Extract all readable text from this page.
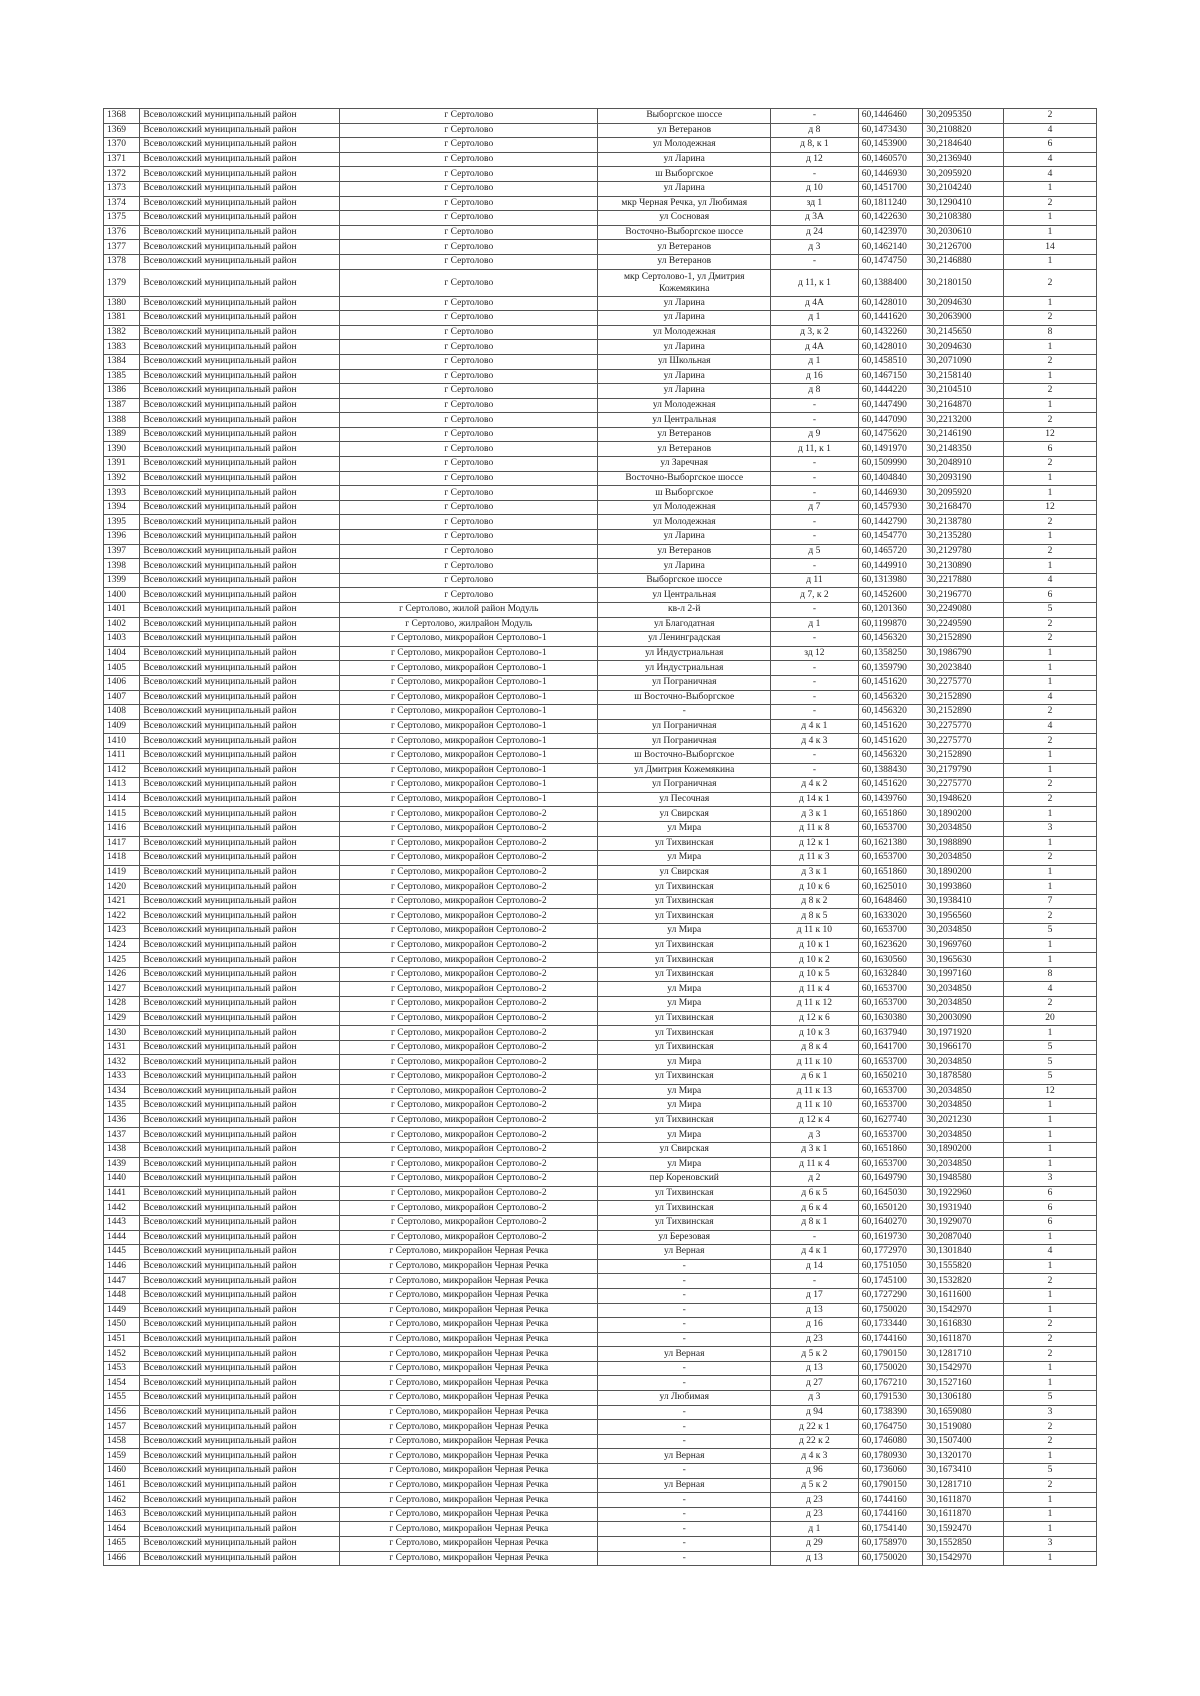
1368	Всеволожский муниципальный район	г Сертолово	Выборгское шоссе	-	60,1446460	30,2095350	2
1369	Всеволожский муниципальный район	г Сертолово	ул Ветеранов	д 8	60,1473430	30,2108820	4
1370	Всеволожский муниципальный район	г Сертолово	ул Молодежная	д 8, к 1	60,1453900	30,2184640	6
1371	Всеволожский муниципальный район	г Сертолово	ул Ларина	д 12	60,1460570	30,2136940	4
1372	Всеволожский муниципальный район	г Сертолово	ш Выборгское	-	60,1446930	30,2095920	4
1373	Всеволожский муниципальный район	г Сертолово	ул Ларина	д 10	60,1451700	30,2104240	1
1374	Всеволожский муниципальный район	г Сертолово	мкр Черная Речка, ул Любимая	зд 1	60,1811240	30,1290410	2
1375	Всеволожский муниципальный район	г Сертолово	ул Сосновая	д 3А	60,1422630	30,2108380	1
1376	Всеволожский муниципальный район	г Сертолово	Восточно-Выборгское шоссе	д 24	60,1423970	30,2030610	1
1377	Всеволожский муниципальный район	г Сертолово	ул Ветеранов	д 3	60,1462140	30,2126700	14
1378	Всеволожский муниципальный район	г Сертолово	ул Ветеранов	-	60,1474750	30,2146880	1
1379	Всеволожский муниципальный район	г Сертолово	мкр Сертолово-1, ул Дмитрия Кожемякина	д 11, к 1	60,1388400	30,2180150	2
1380	Всеволожский муниципальный район	г Сертолово	ул Ларина	д 4А	60,1428010	30,2094630	1
1381	Всеволожский муниципальный район	г Сертолово	ул Ларина	д 1	60,1441620	30,2063900	2
1382	Всеволожский муниципальный район	г Сертолово	ул Молодежная	д 3, к 2	60,1432260	30,2145650	8
1383	Всеволожский муниципальный район	г Сертолово	ул Ларина	д 4А	60,1428010	30,2094630	1
1384	Всеволожский муниципальный район	г Сертолово	ул Школьная	д 1	60,1458510	30,2071090	2
1385	Всеволожский муниципальный район	г Сертолово	ул Ларина	д 16	60,1467150	30,2158140	1
1386	Всеволожский муниципальный район	г Сертолово	ул Ларина	д 8	60,1444220	30,2104510	2
1387	Всеволожский муниципальный район	г Сертолово	ул Молодежная	-	60,1447490	30,2164870	1
1388	Всеволожский муниципальный район	г Сертолово	ул Центральная	-	60,1447090	30,2213200	2
1389	Всеволожский муниципальный район	г Сертолово	ул Ветеранов	д 9	60,1475620	30,2146190	12
1390	Всеволожский муниципальный район	г Сертолово	ул Ветеранов	д 11, к 1	60,1491970	30,2148350	6
1391	Всеволожский муниципальный район	г Сертолово	ул Заречная	-	60,1509990	30,2048910	2
1392	Всеволожский муниципальный район	г Сертолово	Восточно-Выборгское шоссе	-	60,1404840	30,2093190	1
1393	Всеволожский муниципальный район	г Сертолово	ш Выборгское	-	60,1446930	30,2095920	1
1394	Всеволожский муниципальный район	г Сертолово	ул Молодежная	д 7	60,1457930	30,2168470	12
1395	Всеволожский муниципальный район	г Сертолово	ул Молодежная	-	60,1442790	30,2138780	2
1396	Всеволожский муниципальный район	г Сертолово	ул Ларина	-	60,1454770	30,2135280	1
1397	Всеволожский муниципальный район	г Сертолово	ул Ветеранов	д 5	60,1465720	30,2129780	2
1398	Всеволожский муниципальный район	г Сертолово	ул Ларина	-	60,1449910	30,2130890	1
1399	Всеволожский муниципальный район	г Сертолово	Выборгское шоссе	д 11	60,1313980	30,2217880	4
1400	Всеволожский муниципальный район	г Сертолово	ул Центральная	д 7, к 2	60,1452600	30,2196770	6
1401	Всеволожский муниципальный район	г Сертолово, жилой район Модуль	кв-л 2-й	-	60,1201360	30,2249080	5
1402	Всеволожский муниципальный район	г Сертолово, жилрайон Модуль	ул Благодатная	д 1	60,1199870	30,2249590	2
1403	Всеволожский муниципальный район	г Сертолово, микрорайон Сертолово-1	ул Ленинградская	-	60,1456320	30,2152890	2
1404	Всеволожский муниципальный район	г Сертолово, микрорайон Сертолово-1	ул Индустриальная	зд 12	60,1358250	30,1986790	1
1405	Всеволожский муниципальный район	г Сертолово, микрорайон Сертолово-1	ул Индустриальная	-	60,1359790	30,2023840	1
1406	Всеволожский муниципальный район	г Сертолово, микрорайон Сертолово-1	ул Пограничная	-	60,1451620	30,2275770	1
1407	Всеволожский муниципальный район	г Сертолово, микрорайон Сертолово-1	ш Восточно-Выборгское	-	60,1456320	30,2152890	4
1408	Всеволожский муниципальный район	г Сертолово, микрорайон Сертолово-1	-	-	60,1456320	30,2152890	2
1409	Всеволожский муниципальный район	г Сертолово, микрорайон Сертолово-1	ул Пограничная	д 4 к 1	60,1451620	30,2275770	4
1410	Всеволожский муниципальный район	г Сертолово, микрорайон Сертолово-1	ул Пограничная	д 4 к 3	60,1451620	30,2275770	2
1411	Всеволожский муниципальный район	г Сертолово, микрорайон Сертолово-1	ш Восточно-Выборгское	-	60,1456320	30,2152890	1
1412	Всеволожский муниципальный район	г Сертолово, микрорайон Сертолово-1	ул Дмитрия Кожемякина	-	60,1388430	30,2179790	1
1413	Всеволожский муниципальный район	г Сертолово, микрорайон Сертолово-1	ул Пограничная	д 4 к 2	60,1451620	30,2275770	2
1414	Всеволожский муниципальный район	г Сертолово, микрорайон Сертолово-1	ул Песочная	д 14 к 1	60,1439760	30,1948620	2
1415	Всеволожский муниципальный район	г Сертолово, микрорайон Сертолово-2	ул Свирская	д 3 к 1	60,1651860	30,1890200	1
1416	Всеволожский муниципальный район	г Сертолово, микрорайон Сертолово-2	ул Мира	д 11 к 8	60,1653700	30,2034850	3
1417	Всеволожский муниципальный район	г Сертолово, микрорайон Сертолово-2	ул Тихвинская	д 12 к 1	60,1621380	30,1988890	1
1418	Всеволожский муниципальный район	г Сертолово, микрорайон Сертолово-2	ул Мира	д 11 к 3	60,1653700	30,2034850	2
1419	Всеволожский муниципальный район	г Сертолово, микрорайон Сертолово-2	ул Свирская	д 3 к 1	60,1651860	30,1890200	1
1420	Всеволожский муниципальный район	г Сертолово, микрорайон Сертолово-2	ул Тихвинская	д 10 к 6	60,1625010	30,1993860	1
1421	Всеволожский муниципальный район	г Сертолово, микрорайон Сертолово-2	ул Тихвинская	д 8 к 2	60,1648460	30,1938410	7
1422	Всеволожский муниципальный район	г Сертолово, микрорайон Сертолово-2	ул Тихвинская	д 8 к 5	60,1633020	30,1956560	2
1423	Всеволожский муниципальный район	г Сертолово, микрорайон Сертолово-2	ул Мира	д 11 к 10	60,1653700	30,2034850	5
1424	Всеволожский муниципальный район	г Сертолово, микрорайон Сертолово-2	ул Тихвинская	д 10 к 1	60,1623620	30,1969760	1
1425	Всеволожский муниципальный район	г Сертолово, микрорайон Сертолово-2	ул Тихвинская	д 10 к 2	60,1630560	30,1965630	1
1426	Всеволожский муниципальный район	г Сертолово, микрорайон Сертолово-2	ул Тихвинская	д 10 к 5	60,1632840	30,1997160	8
1427	Всеволожский муниципальный район	г Сертолово, микрорайон Сертолово-2	ул Мира	д 11 к 4	60,1653700	30,2034850	4
1428	Всеволожский муниципальный район	г Сертолово, микрорайон Сертолово-2	ул Мира	д 11 к 12	60,1653700	30,2034850	2
1429	Всеволожский муниципальный район	г Сертолово, микрорайон Сертолово-2	ул Тихвинская	д 12 к 6	60,1630380	30,2003090	20
1430	Всеволожский муниципальный район	г Сертолово, микрорайон Сертолово-2	ул Тихвинская	д 10 к 3	60,1637940	30,1971920	1
1431	Всеволожский муниципальный район	г Сертолово, микрорайон Сертолово-2	ул Тихвинская	д 8 к 4	60,1641700	30,1966170	5
1432	Всеволожский муниципальный район	г Сертолово, микрорайон Сертолово-2	ул Мира	д 11 к 10	60,1653700	30,2034850	5
1433	Всеволожский муниципальный район	г Сертолово, микрорайон Сертолово-2	ул Тихвинская	д 6 к 1	60,1650210	30,1878580	5
1434	Всеволожский муниципальный район	г Сертолово, микрорайон Сертолово-2	ул Мира	д 11 к 13	60,1653700	30,2034850	12
1435	Всеволожский муниципальный район	г Сертолово, микрорайон Сертолово-2	ул Мира	д 11 к 10	60,1653700	30,2034850	1
1436	Всеволожский муниципальный район	г Сертолово, микрорайон Сертолово-2	ул Тихвинская	д 12 к 4	60,1627740	30,2021230	1
1437	Всеволожский муниципальный район	г Сертолово, микрорайон Сертолово-2	ул Мира	д 3	60,1653700	30,2034850	1
1438	Всеволожский муниципальный район	г Сертолово, микрорайон Сертолово-2	ул Свирская	д 3 к 1	60,1651860	30,1890200	1
1439	Всеволожский муниципальный район	г Сертолово, микрорайон Сертолово-2	ул Мира	д 11 к 4	60,1653700	30,2034850	1
1440	Всеволожский муниципальный район	г Сертолово, микрорайон Сертолово-2	пер Кореновский	д 2	60,1649790	30,1948580	3
1441	Всеволожский муниципальный район	г Сертолово, микрорайон Сертолово-2	ул Тихвинская	д 6 к 5	60,1645030	30,1922960	6
1442	Всеволожский муниципальный район	г Сертолово, микрорайон Сертолово-2	ул Тихвинская	д 6 к 4	60,1650120	30,1931940	6
1443	Всеволожский муниципальный район	г Сертолово, микрорайон Сертолово-2	ул Тихвинская	д 8 к 1	60,1640270	30,1929070	6
1444	Всеволожский муниципальный район	г Сертолово, микрорайон Сертолово-2	ул Березовая	-	60,1619730	30,2087040	1
1445	Всеволожский муниципальный район	г Сертолово, микрорайон Черная Речка	ул Верная	д 4 к 1	60,1772970	30,1301840	4
1446	Всеволожский муниципальный район	г Сертолово, микрорайон Черная Речка	-	д 14	60,1751050	30,1555820	1
1447	Всеволожский муниципальный район	г Сертолово, микрорайон Черная Речка	-	-	60,1745100	30,1532820	2
1448	Всеволожский муниципальный район	г Сертолово, микрорайон Черная Речка	-	д 17	60,1727290	30,1611600	1
1449	Всеволожский муниципальный район	г Сертолово, микрорайон Черная Речка	-	д 13	60,1750020	30,1542970	1
1450	Всеволожский муниципальный район	г Сертолово, микрорайон Черная Речка	-	д 16	60,1733440	30,1616830	2
1451	Всеволожский муниципальный район	г Сертолово, микрорайон Черная Речка	-	д 23	60,1744160	30,1611870	2
1452	Всеволожский муниципальный район	г Сертолово, микрорайон Черная Речка	ул Верная	д 5 к 2	60,1790150	30,1281710	2
1453	Всеволожский муниципальный район	г Сертолово, микрорайон Черная Речка	-	д 13	60,1750020	30,1542970	1
1454	Всеволожский муниципальный район	г Сертолово, микрорайон Черная Речка	-	д 27	60,1767210	30,1527160	1
1455	Всеволожский муниципальный район	г Сертолово, микрорайон Черная Речка	ул Любимая	д 3	60,1791530	30,1306180	5
1456	Всеволожский муниципальный район	г Сертолово, микрорайон Черная Речка	-	д 94	60,1738390	30,1659080	3
1457	Всеволожский муниципальный район	г Сертолово, микрорайон Черная Речка	-	д 22 к 1	60,1764750	30,1519080	2
1458	Всеволожский муниципальный район	г Сертолово, микрорайон Черная Речка	-	д 22 к 2	60,1746080	30,1507400	2
1459	Всеволожский муниципальный район	г Сертолово, микрорайон Черная Речка	ул Верная	д 4 к 3	60,1780930	30,1320170	1
1460	Всеволожский муниципальный район	г Сертолово, микрорайон Черная Речка	-	д 96	60,1736060	30,1673410	5
1461	Всеволожский муниципальный район	г Сертолово, микрорайон Черная Речка	ул Верная	д 5 к 2	60,1790150	30,1281710	2
1462	Всеволожский муниципальный район	г Сертолово, микрорайон Черная Речка	-	д 23	60,1744160	30,1611870	1
1463	Всеволожский муниципальный район	г Сертолово, микрорайон Черная Речка	-	д 23	60,1744160	30,1611870	1
1464	Всеволожский муниципальный район	г Сертолово, микрорайон Черная Речка	-	д 1	60,1754140	30,1592470	1
1465	Всеволожский муниципальный район	г Сертолово, микрорайон Черная Речка	-	д 29	60,1758970	30,1552850	3
1466	Всеволожский муниципальный район	г Сертолово, микрорайон Черная Речка	-	д 13	60,1750020	30,1542970	1
